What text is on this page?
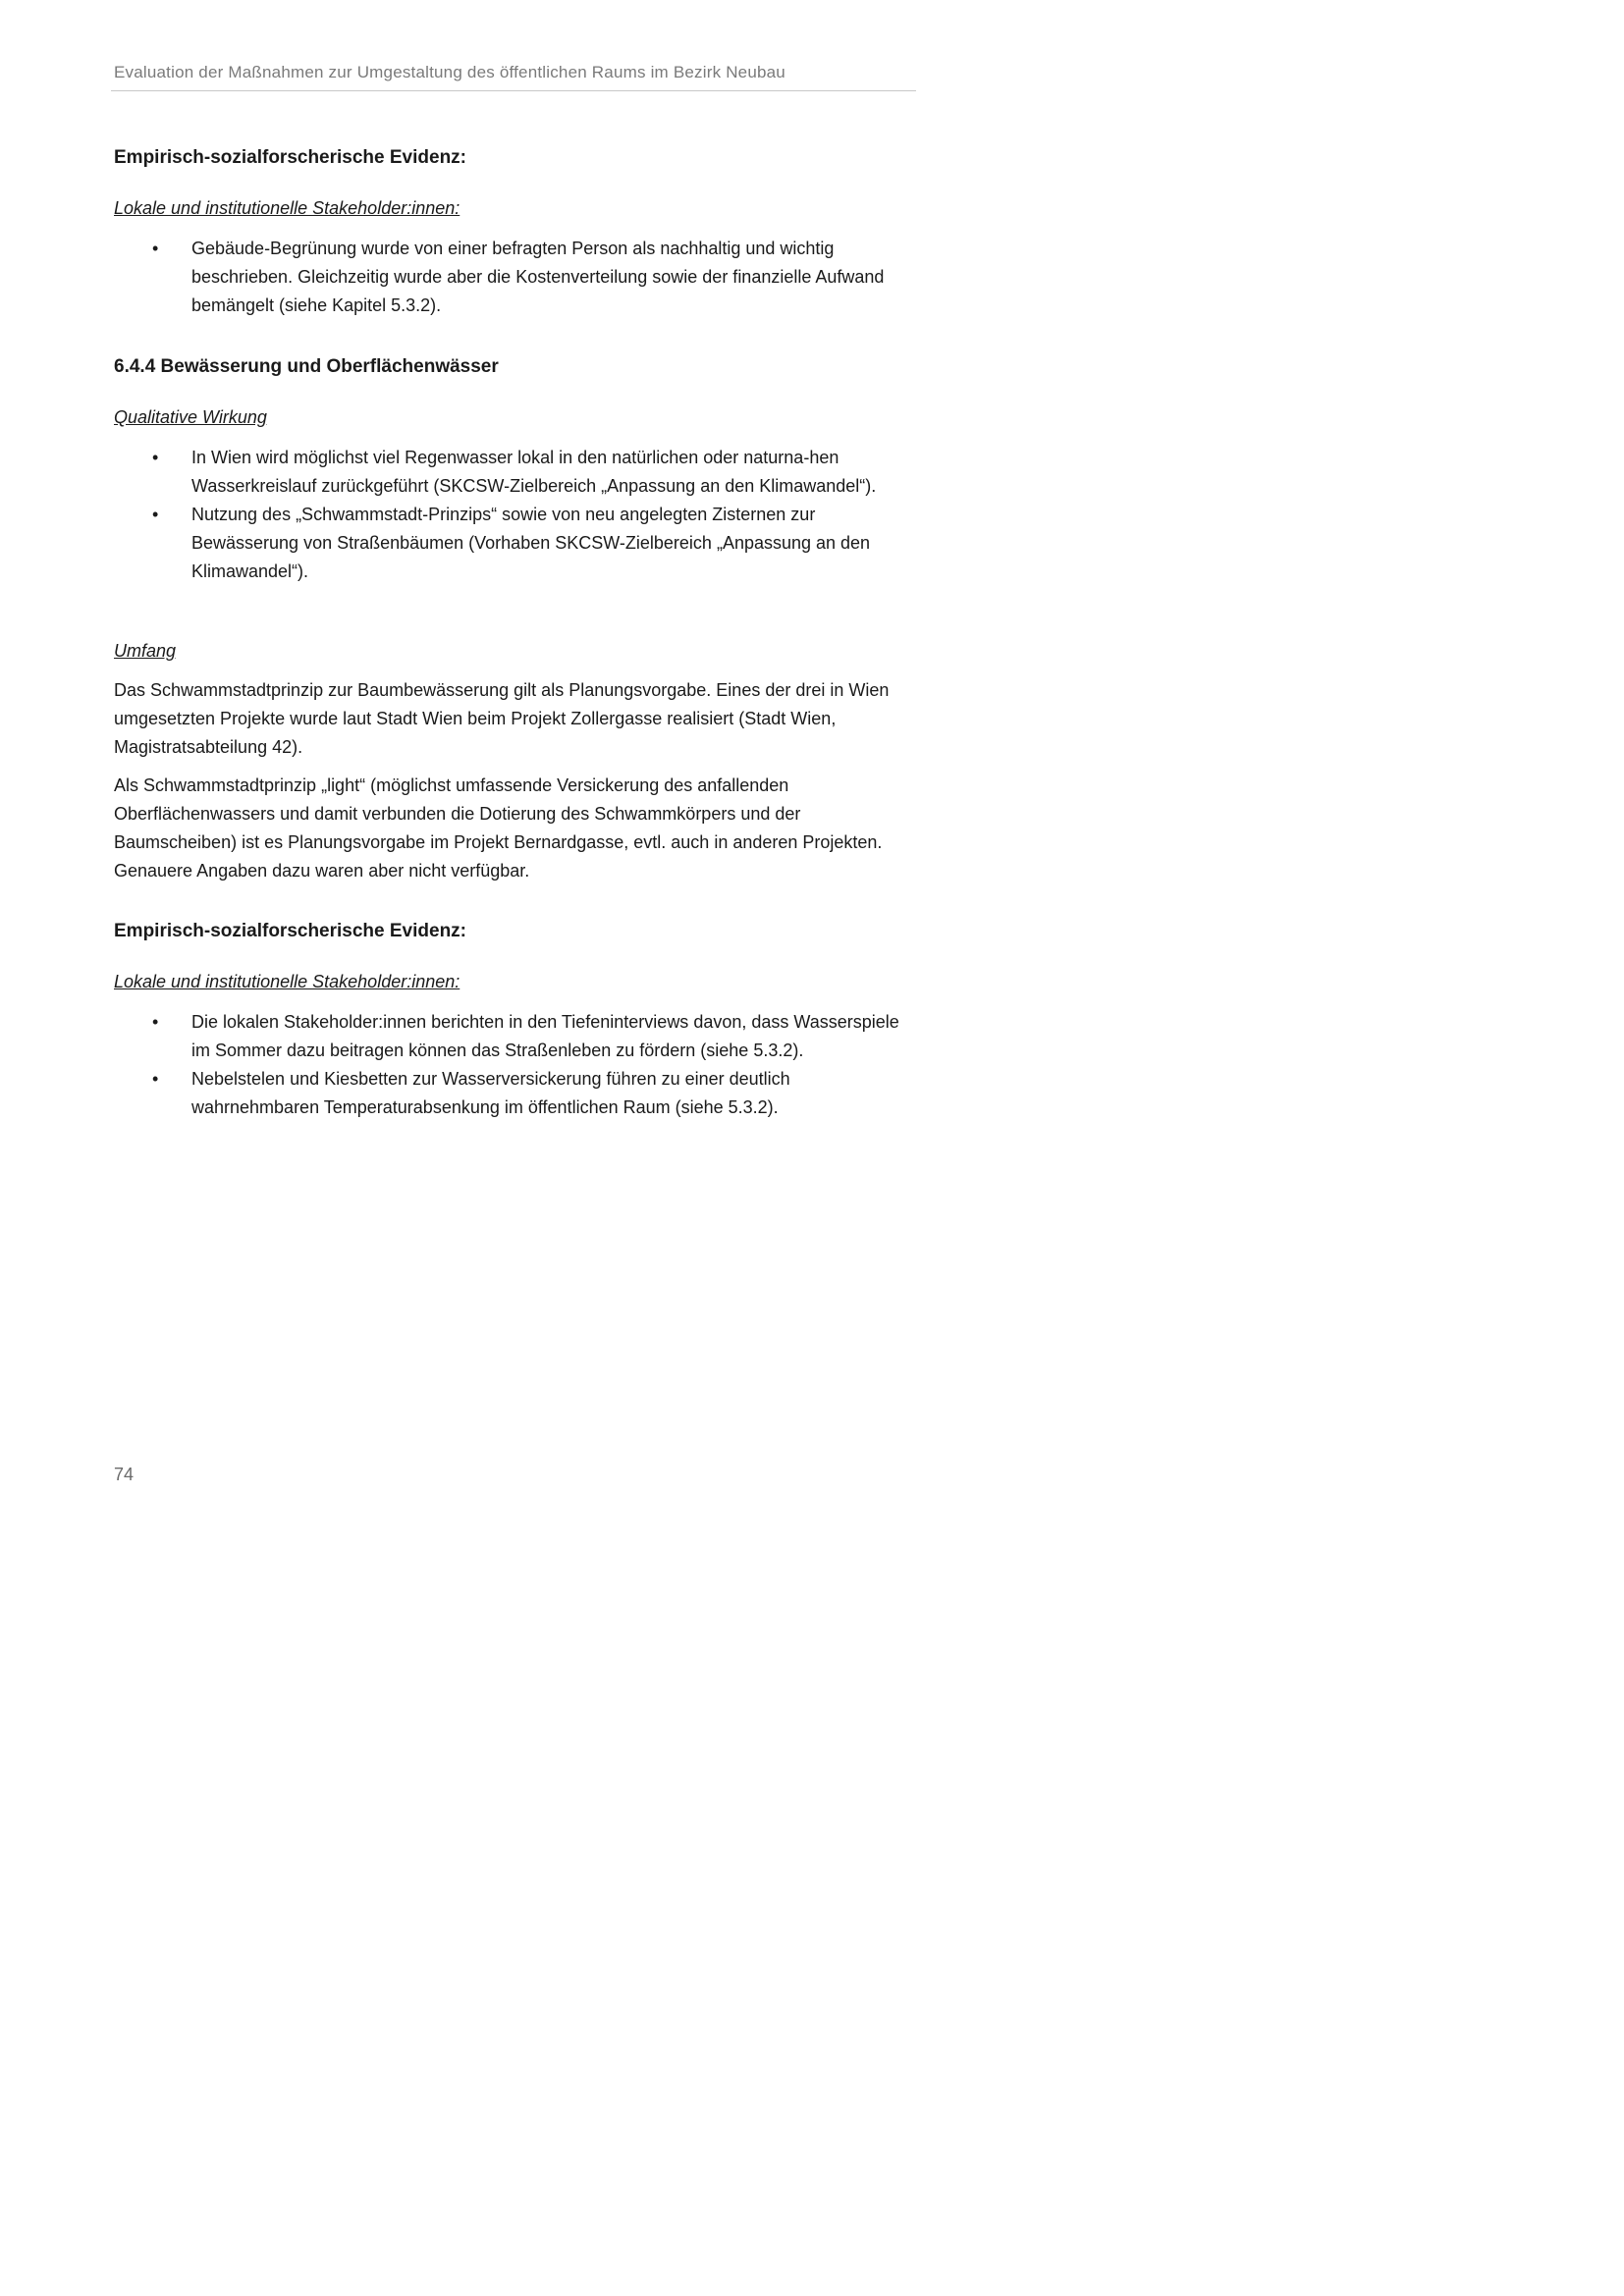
Evaluation der Maßnahmen zur Umgestaltung des öffentlichen Raums im Bezirk Neubau
Empirisch-sozialforscherische Evidenz:
Lokale und institutionelle Stakeholder:innen:
• Gebäude-Begrünung wurde von einer befragten Person als nachhaltig und wichtig beschrieben. Gleichzeitig wurde aber die Kostenverteilung sowie der finanzielle Aufwand bemängelt (siehe Kapitel 5.3.2).
6.4.4 Bewässerung und Oberflächenwässer
Qualitative Wirkung
• In Wien wird möglichst viel Regenwasser lokal in den natürlichen oder naturna-hen Wasserkreislauf zurückgeführt (SKCSW-Zielbereich „Anpassung an den Klimawandel“).
• Nutzung des „Schwammstadt-Prinzips“ sowie von neu angelegten Zisternen zur Bewässerung von Straßenbäumen (Vorhaben SKCSW-Zielbereich „Anpassung an den Klimawandel“).
Umfang
Das Schwammstadtprinzip zur Baumbewässerung gilt als Planungsvorgabe. Eines der drei in Wien umgesetzten Projekte wurde laut Stadt Wien beim Projekt Zollergasse realisiert (Stadt Wien, Magistratsabteilung 42).
Als Schwammstadtprinzip „light“ (möglichst umfassende Versickerung des anfallenden Oberflächenwassers und damit verbunden die Dotierung des Schwammkörpers und der Baumscheiben) ist es Planungsvorgabe im Projekt Bernardgasse, evtl. auch in anderen Projekten. Genauere Angaben dazu waren aber nicht verfügbar.
Empirisch-sozialforscherische Evidenz:
Lokale und institutionelle Stakeholder:innen:
• Die lokalen Stakeholder:innen berichten in den Tiefeninterviews davon, dass Wasserspiele im Sommer dazu beitragen können das Straßenleben zu fördern (siehe 5.3.2).
• Nebelstelen und Kiesbetten zur Wasserversickerung führen zu einer deutlich wahrnehmbaren Temperaturabsenkung im öffentlichen Raum (siehe 5.3.2).
74
